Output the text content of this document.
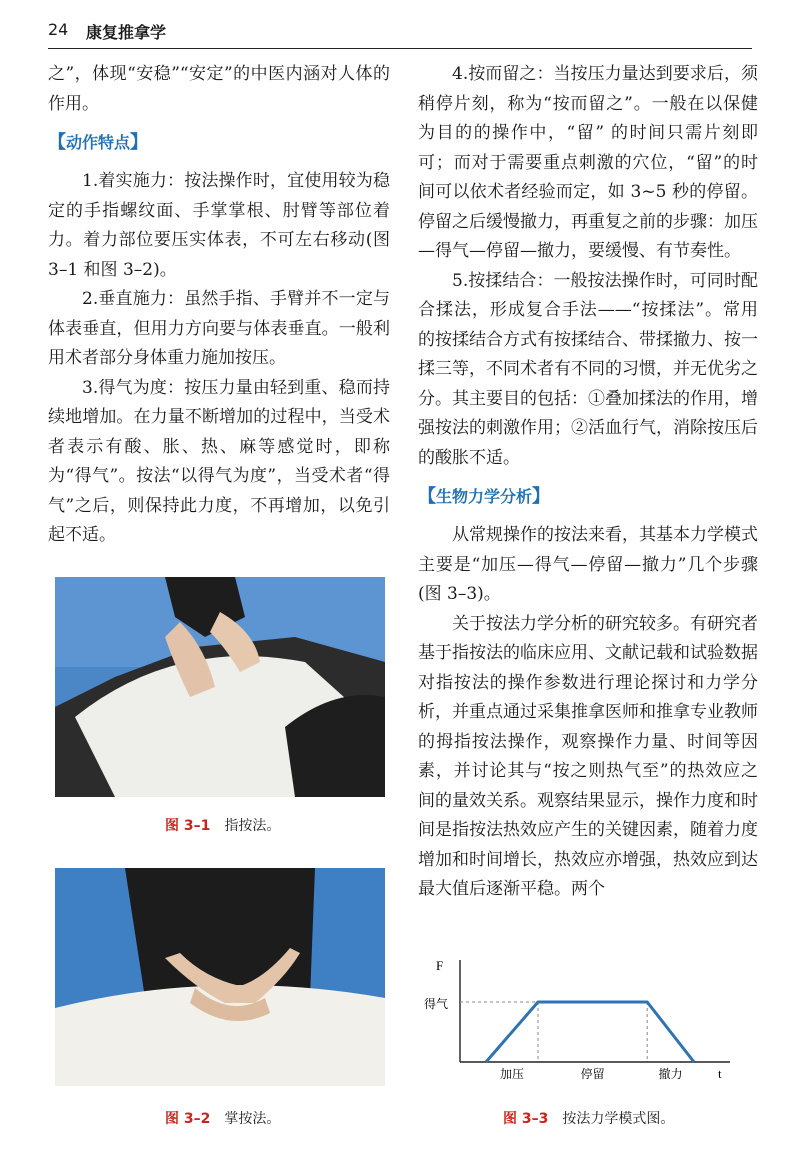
24 康复推拿学

之”，体现“安稳”“安定”的中医内涵对人体的作用。

【动作特点】

1.着实施力：按法操作时，宜使用较为稳定的手指螺纹面、手掌掌根、肘臂等部位着力。着力部位要压实体表，不可左右移动(图 3–1 和图 3–2)。

2.垂直施力：虽然手指、手臂并不一定与体表垂直，但用力方向要与体表垂直。一般利用术者部分身体重力施加按压。

3.得气为度：按压力量由轻到重、稳而持续地增加。在力量不断增加的过程中，当受术者表示有酸、胀、热、麻等感觉时，即称为“得气”。按法“以得气为度”，当受术者“得气”之后，则保持此力度，不再增加，以免引起不适。

图 3–1 指按法。
图 3–2 掌按法。

4.按而留之：当按压力量达到要求后，须稍停片刻，称为“按而留之”。一般在以保健为目的的操作中，“留” 的时间只需片刻即可；而对于需要重点刺激的穴位，“留”的时间可以依术者经验而定，如 3~5 秒的停留。停留之后缓慢撤力，再重复之前的步骤：加压—得气—停留—撤力，要缓慢、有节奏性。

5.按揉结合：一般按法操作时，可同时配合揉法，形成复合手法——“按揉法”。常用的按揉结合方式有按揉结合、带揉撤力、按一揉三等，不同术者有不同的习惯，并无优劣之分。其主要目的包括：①叠加揉法的作用，增强按法的刺激作用；②活血行气，消除按压后的酸胀不适。

【生物力学分析】

从常规操作的按法来看，其基本力学模式主要是“加压—得气—停留—撤力”几个步骤(图 3–3)。

关于按法力学分析的研究较多。有研究者基于指按法的临床应用、文献记载和试验数据对指按法的操作参数进行理论探讨和力学分析，并重点通过采集推拿医师和推拿专业教师的拇指按法操作，观察操作力量、时间等因素，并讨论其与“按之则热气至”的热效应之间的量效关系。观察结果显示，操作力度和时间是指按法热效应产生的关键因素，随着力度增加和时间增长，热效应亦增强，热效应到达最大值后逐渐平稳。两个

F
得气
t
加压	停留	撤力
图 3–3 按法力学模式图。
